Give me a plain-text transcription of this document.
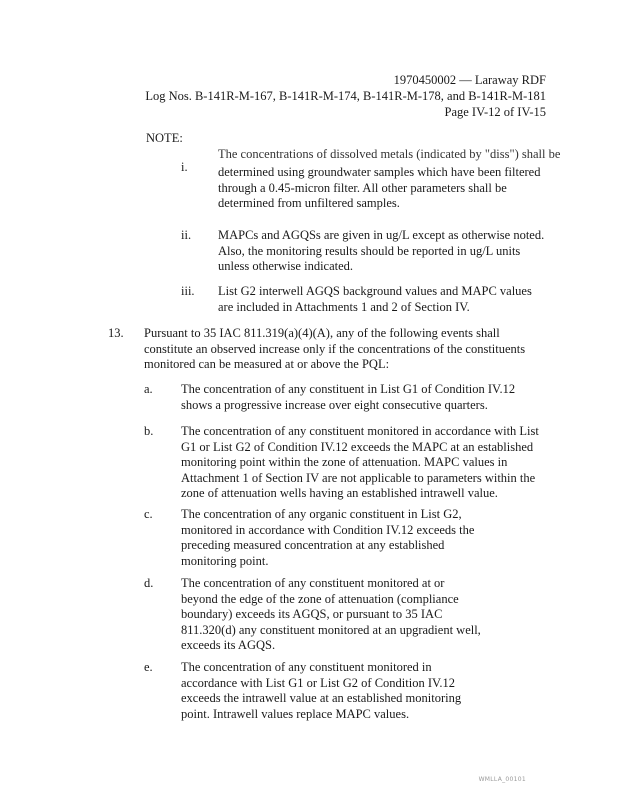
1970450002 — Laraway RDF
Log Nos. B-141R-M-167, B-141R-M-174, B-141R-M-178, and B-141R-M-181
Page IV-12 of IV-15
NOTE:
i.
The concentrations of dissolved metals (indicated by "diss") shall be
determined using groundwater samples which have been filtered through a 0.45-micron filter. All other parameters shall be determined from unfiltered samples.
ii. MAPCs and AGQSs are given in ug/L except as otherwise noted. Also, the monitoring results should be reported in ug/L units unless otherwise indicated.
iii. List G2 interwell AGQS background values and MAPC values are included in Attachments 1 and 2 of Section IV.
13. Pursuant to 35 IAC 811.319(a)(4)(A), any of the following events shall constitute an observed increase only if the concentrations of the constituents monitored can be measured at or above the PQL:
a. The concentration of any constituent in List G1 of Condition IV.12 shows a progressive increase over eight consecutive quarters.
b. The concentration of any constituent monitored in accordance with List G1 or List G2 of Condition IV.12 exceeds the MAPC at an established monitoring point within the zone of attenuation. MAPC values in Attachment 1 of Section IV are not applicable to parameters within the zone of attenuation wells having an established intrawell value.
c. The concentration of any organic constituent in List G2, monitored in accordance with Condition IV.12 exceeds the preceding measured concentration at any established monitoring point.
d. The concentration of any constituent monitored at or beyond the edge of the zone of attenuation (compliance boundary) exceeds its AGQS, or pursuant to 35 IAC 811.320(d) any constituent monitored at an upgradient well, exceeds its AGQS.
e. The concentration of any constituent monitored in accordance with List G1 or List G2 of Condition IV.12 exceeds the intrawell value at an established monitoring point. Intrawell values replace MAPC values.
WMLLA_00101
